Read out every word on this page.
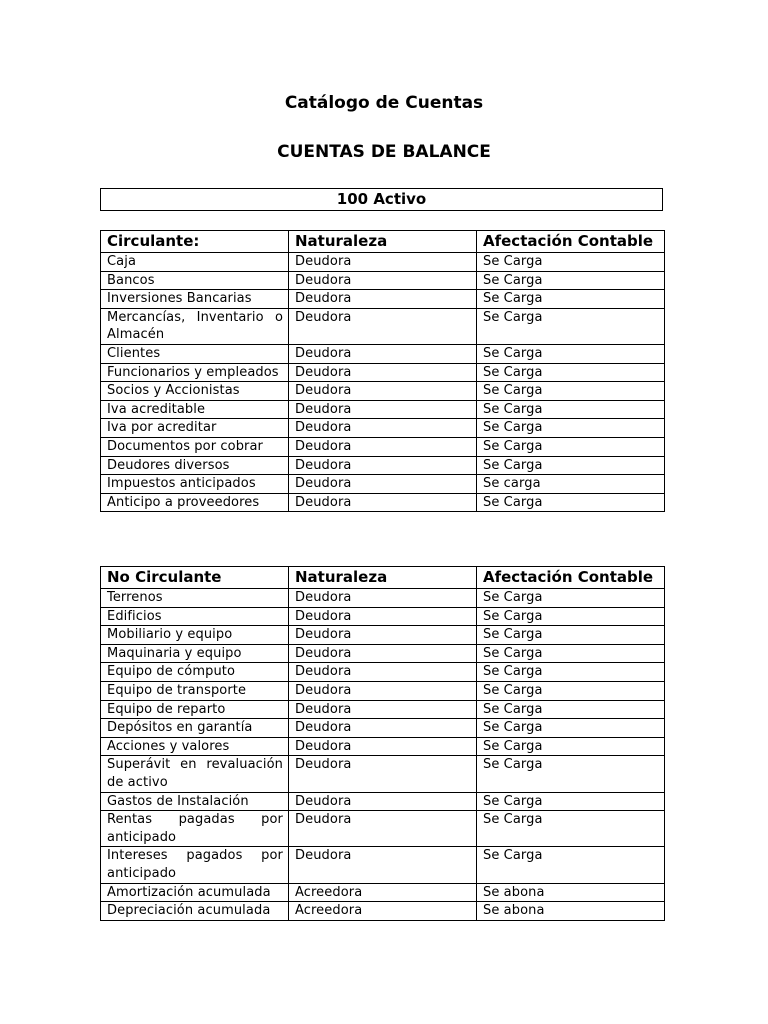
Catálogo de Cuentas
CUENTAS DE BALANCE
100 Activo
Circulante:	Naturaleza	Afectación Contable
Caja	Deudora	Se Carga
Bancos	Deudora	Se Carga
Inversiones Bancarias	Deudora	Se Carga
Mercancías, Inventario o Almacén	Deudora	Se Carga
Clientes	Deudora	Se Carga
Funcionarios y empleados	Deudora	Se Carga
Socios y Accionistas	Deudora	Se Carga
Iva acreditable	Deudora	Se Carga
Iva por acreditar	Deudora	Se Carga
Documentos por cobrar	Deudora	Se Carga
Deudores diversos	Deudora	Se Carga
Impuestos anticipados	Deudora	Se carga
Anticipo a proveedores	Deudora	Se Carga
No Circulante	Naturaleza	Afectación Contable
Terrenos	Deudora	Se Carga
Edificios	Deudora	Se Carga
Mobiliario y equipo	Deudora	Se Carga
Maquinaria y equipo	Deudora	Se Carga
Equipo de cómputo	Deudora	Se Carga
Equipo de transporte	Deudora	Se Carga
Equipo de reparto	Deudora	Se Carga
Depósitos en garantía	Deudora	Se Carga
Acciones y valores	Deudora	Se Carga
Superávit en revaluación de activo	Deudora	Se Carga
Gastos de Instalación	Deudora	Se Carga
Rentas pagadas por anticipado	Deudora	Se Carga
Intereses pagados por anticipado	Deudora	Se Carga
Amortización acumulada	Acreedora	Se abona
Depreciación acumulada	Acreedora	Se abona
